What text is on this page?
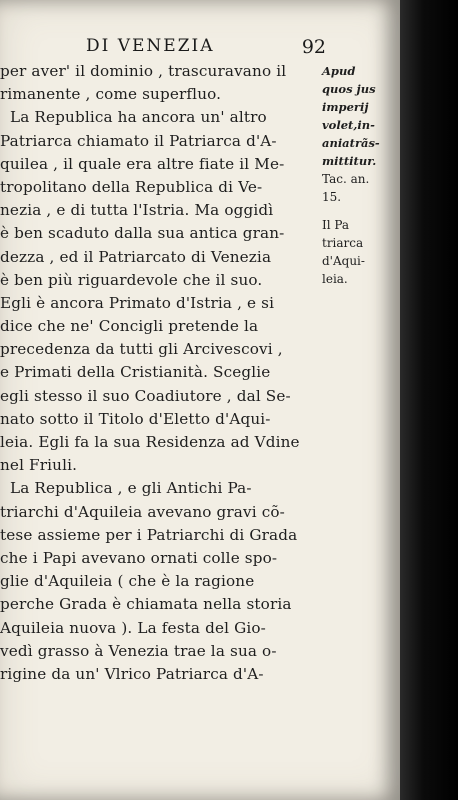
DI VENEZIA	92
per aver' il dominio , trascuravano il
rimanente , come superfluo.
La Republica ha ancora un' altro
Patriarca chiamato il Patriarca d'A-
quilea , il quale era altre fiate il Me-
tropolitano della Republica di Ve-
nezia , e di tutta l'Istria. Ma oggidì
è ben scaduto dalla sua antica gran-
dezza , ed il Patriarcato di Venezia
è ben più riguardevole che il suo.
Egli è ancora Primato d'Istria , e si
dice che ne' Concigli pretende la
precedenza da tutti gli Arcivescovi ,
e Primati della Cristianità. Sceglie
egli stesso il suo Coadiutore , dal Se-
nato sotto il Titolo d'Eletto d'Aqui-
leia. Egli fa la sua Residenza ad Vdine
nel Friuli.
La Republica , e gli Antichi Pa-
triarchi d'Aquileia avevano gravi cõ-
tese assieme per i Patriarchi di Grada
che i Papi avevano ornati colle spo-
glie d'Aquileia ( che è la ragione
perche Grada è chiamata nella storia
Aquileia nuova ). La festa del Gio-
vedì grasso à Venezia trae la sua o-
rigine da un' Vlrico Patriarca d'A-
Apud
quos jus
imperij
volet,in-
aniatrãs-
mittitur.
Tac. an.
15.
Il Pa
triarca
d'Aqui-
leia.
